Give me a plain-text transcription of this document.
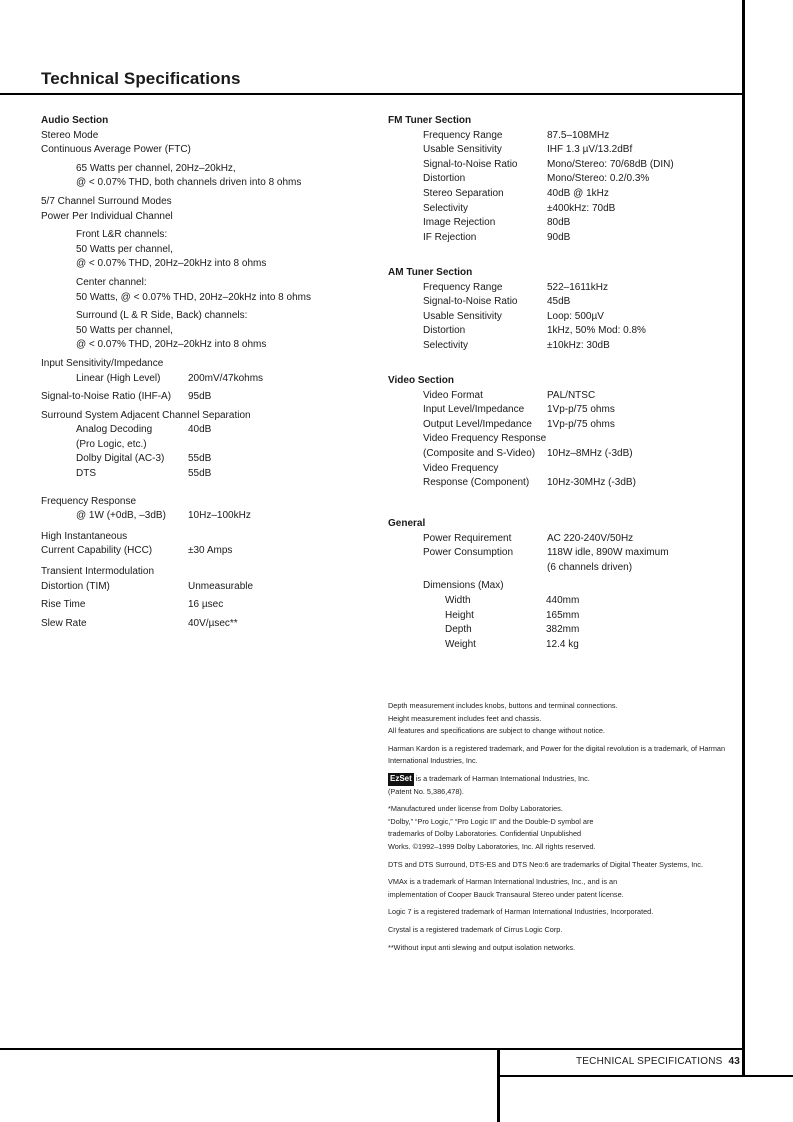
Technical Specifications
Audio Section
Stereo Mode
Continuous Average Power (FTC)
65 Watts per channel, 20Hz–20kHz,
@ < 0.07% THD, both channels driven into 8 ohms
5/7 Channel Surround Modes
Power Per Individual Channel
Front L&R channels:
50 Watts per channel,
@ < 0.07% THD, 20Hz–20kHz into 8 ohms
Center channel:
50 Watts, @ < 0.07% THD, 20Hz–20kHz into 8 ohms
Surround (L & R Side, Back) channels:
50 Watts per channel,
@ < 0.07% THD, 20Hz–20kHz into 8 ohms
Input Sensitivity/Impedance
Linear (High Level)	200mV/47kohms
Signal-to-Noise Ratio (IHF-A)	95dB
Surround System Adjacent Channel Separation
Analog Decoding	40dB
(Pro Logic, etc.)
Dolby Digital (AC-3)	55dB
DTS	55dB
Frequency Response
@ 1W (+0dB, –3dB)	10Hz–100kHz
High Instantaneous
Current Capability (HCC)	±30 Amps
Transient Intermodulation
Distortion (TIM)	Unmeasurable
Rise Time	16 µsec
Slew Rate	40V/µsec**
FM Tuner Section
Frequency Range	87.5–108MHz
Usable Sensitivity	IHF 1.3 µV/13.2dBf
Signal-to-Noise Ratio	Mono/Stereo: 70/68dB (DIN)
Distortion	Mono/Stereo: 0.2/0.3%
Stereo Separation	40dB @ 1kHz
Selectivity	±400kHz: 70dB
Image Rejection	80dB
IF Rejection	90dB
AM Tuner Section
Frequency Range	522–1611kHz
Signal-to-Noise Ratio	45dB
Usable Sensitivity	Loop: 500µV
Distortion	1kHz, 50% Mod: 0.8%
Selectivity	±10kHz: 30dB
Video Section
Video Format	PAL/NTSC
Input Level/Impedance	1Vp-p/75 ohms
Output Level/Impedance	1Vp-p/75 ohms
Video Frequency Response
(Composite and S-Video)	10Hz–8MHz (-3dB)
Video Frequency
Response (Component)	10Hz-30MHz (-3dB)
General
Power Requirement	AC 220-240V/50Hz
Power Consumption	118W idle, 890W maximum
(6 channels driven)
Dimensions (Max)
Width	440mm
Height	165mm
Depth	382mm
Weight	12.4 kg

Depth measurement includes knobs, buttons and terminal connections.
Height measurement includes feet and chassis.
All features and specifications are subject to change without notice.

Harman Kardon is a registered trademark, and Power for the digital revolution is a trademark, of Harman International Industries, Inc.

EzSet is a trademark of Harman International Industries, Inc.
(Patent No. 5,386,478).

*Manufactured under license from Dolby Laboratories.
“Dolby,” “Pro Logic,” “Pro Logic II” and the Double-D symbol are
trademarks of Dolby Laboratories. Confidential Unpublished
Works. ©1992–1999 Dolby Laboratories, Inc. All rights reserved.

DTS and DTS Surround, DTS-ES and DTS Neo:6 are trademarks of Digital Theater Systems, Inc.

VMAx is a trademark of Harman International Industries, Inc., and is an
implementation of Cooper Bauck Transaural Stereo under patent license.

Logic 7 is a registered trademark of Harman International Industries, Incorporated.

Crystal is a registered trademark of Cirrus Logic Corp.

**Without input anti slewing and output isolation networks.

TECHNICAL SPECIFICATIONS 43
